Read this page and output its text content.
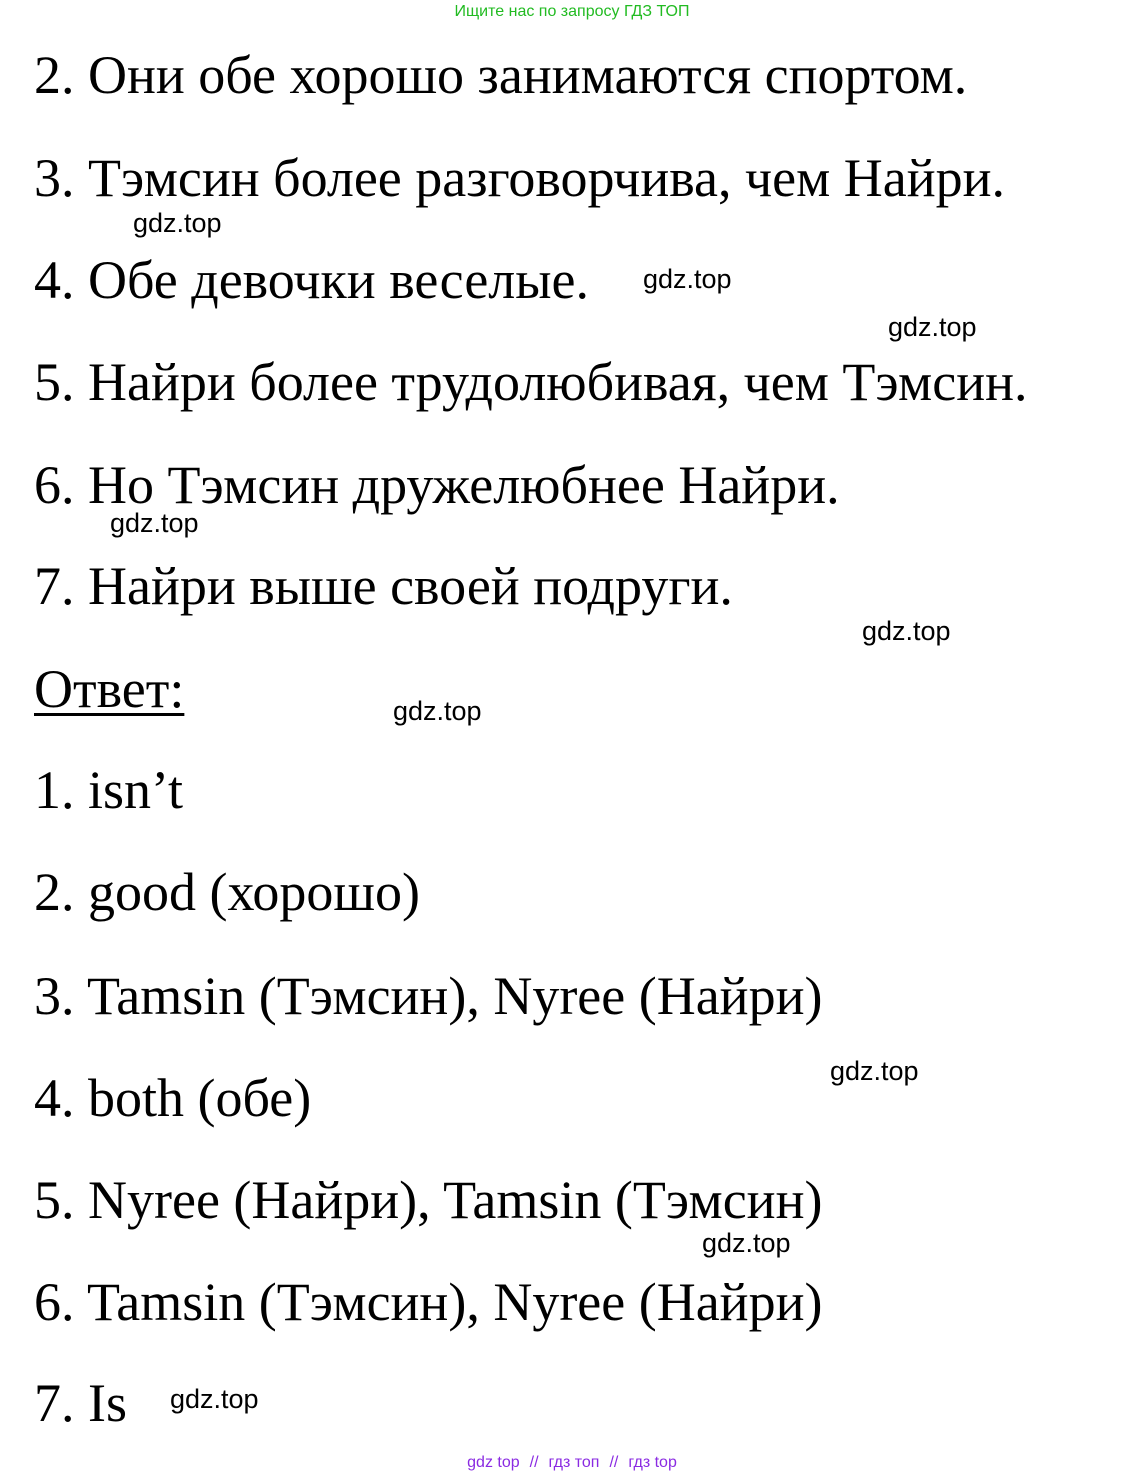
Ищите нас по запросу ГДЗ ТОП
2. Они обе хорошо занимаются спортом.
3. Тэмсин более разговорчива, чем Найри.
4. Обе девочки веселые.
5. Найри более трудолюбивая, чем Тэмсин.
6. Но Тэмсин дружелюбнее Найри.
7. Найри выше своей подруги.
Ответ:
1. isn’t
2. good (хорошо)
3. Tamsin (Тэмсин), Nyree (Найри)
4. both (обе)
5. Nyree (Найри), Tamsin (Тэмсин)
6. Tamsin (Тэмсин), Nyree (Найри)
7. Is
gdz.top
gdz.top
gdz.top
gdz.top
gdz.top
gdz.top
gdz.top
gdz.top
gdz.top
gdz top // гдз топ // гдз top
